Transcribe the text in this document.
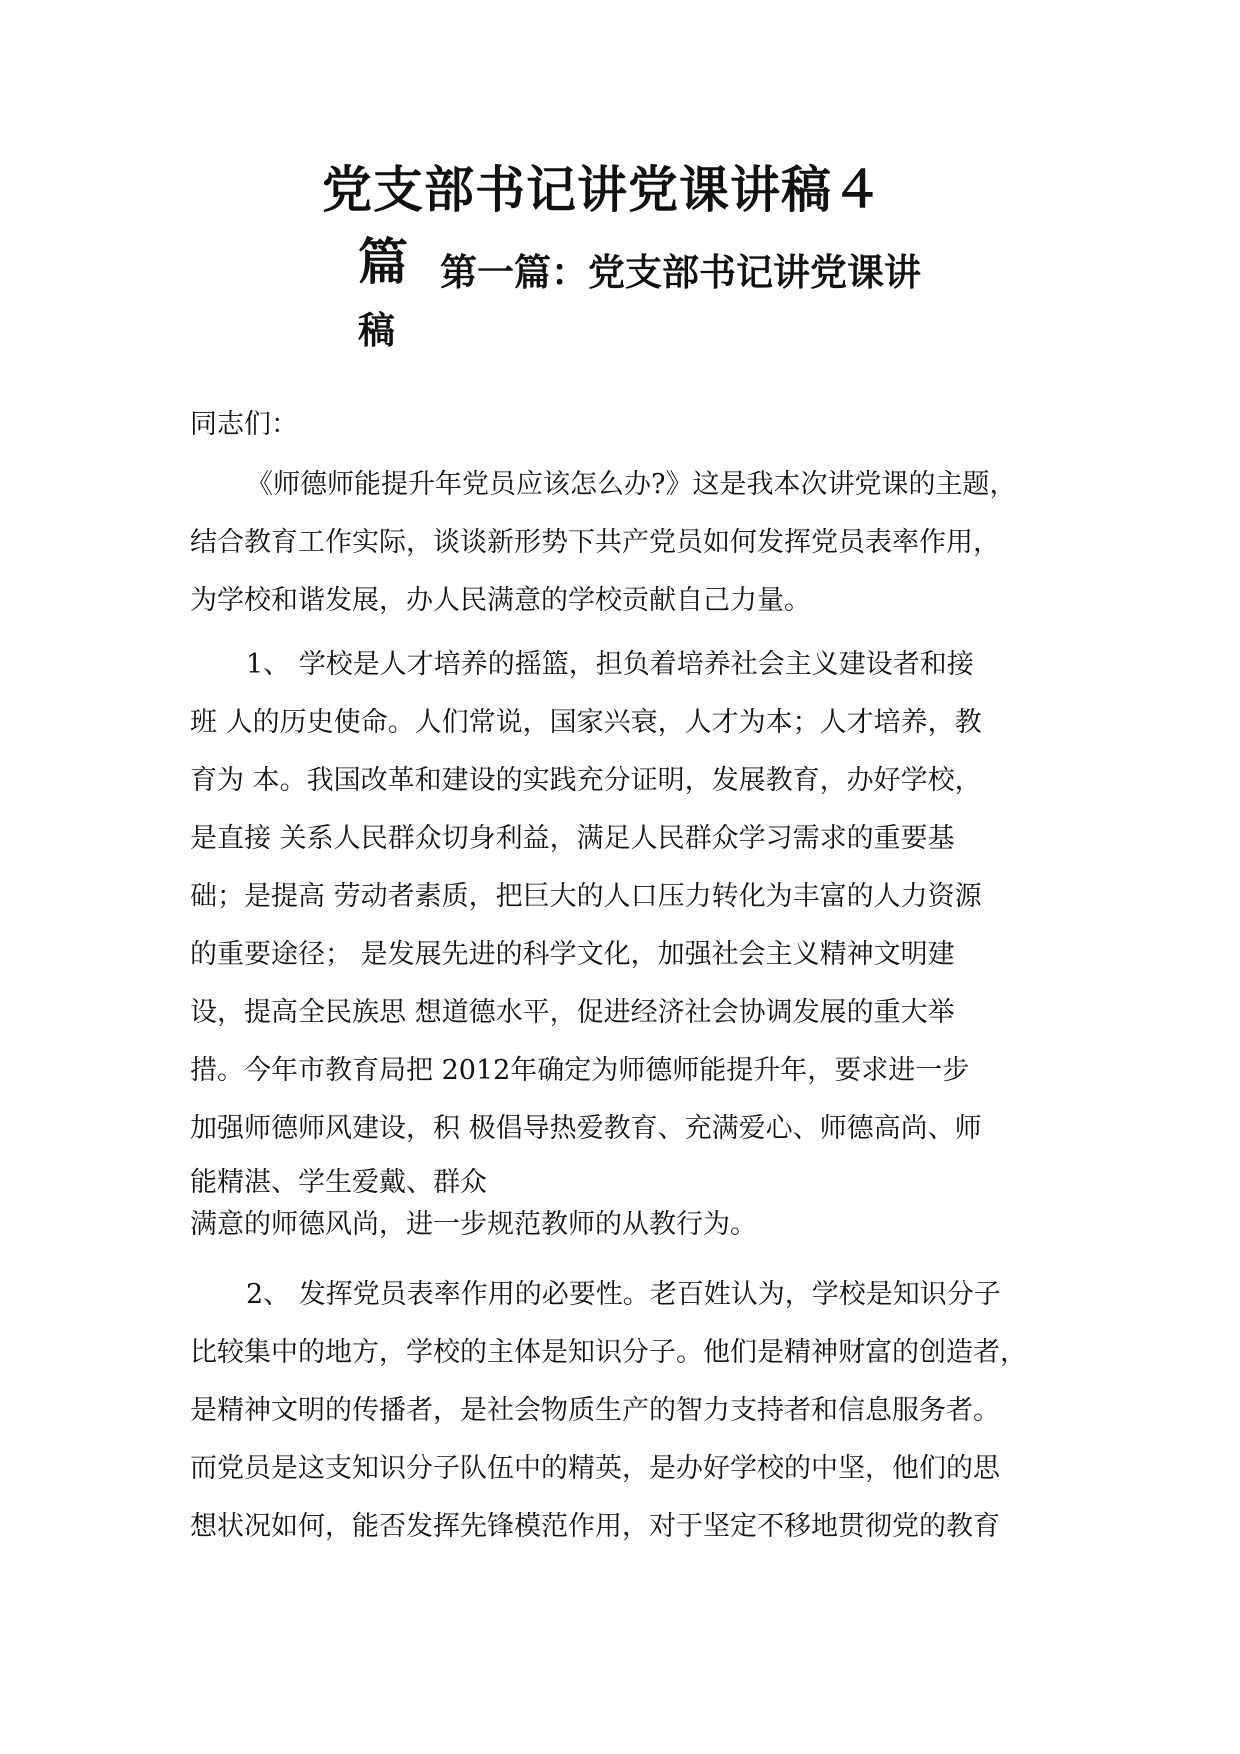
党支部书记讲党课讲稿４
篇 第一篇：党支部书记讲党课讲
稿
同志们：
《师德师能提升年党员应该怎么办?》这是我本次讲党课的主题，
结合教育工作实际，谈谈新形势下共产党员如何发挥党员表率作用，
为学校和谐发展，办人民满意的学校贡献自己力量。
1、 学校是人才培养的摇篮，担负着培养社会主义建设者和接
班 人的历史使命。人们常说，国家兴衰，人才为本；人才培养，教
育为 本。我国改革和建设的实践充分证明，发展教育，办好学校，
是直接 关系人民群众切身利益，满足人民群众学习需求的重要基
础；是提高 劳动者素质，把巨大的人口压力转化为丰富的人力资源
的重要途径； 是发展先进的科学文化，加强社会主义精神文明建
设，提高全民族思 想道德水平，促进经济社会协调发展的重大举
措。今年市教育局把 2012年确定为师德师能提升年，要求进一步
加强师德师风建设，积 极倡导热爱教育、充满爱心、师德高尚、师
能精湛、学生爱戴、群众
满意的师德风尚，进一步规范教师的从教行为。
2、 发挥党员表率作用的必要性。老百姓认为，学校是知识分子
比较集中的地方，学校的主体是知识分子。他们是精神财富的创造者，
是精神文明的传播者，是社会物质生产的智力支持者和信息服务者。
而党员是这支知识分子队伍中的精英，是办好学校的中坚，他们的思
想状况如何，能否发挥先锋模范作用，对于坚定不移地贯彻党的教育
